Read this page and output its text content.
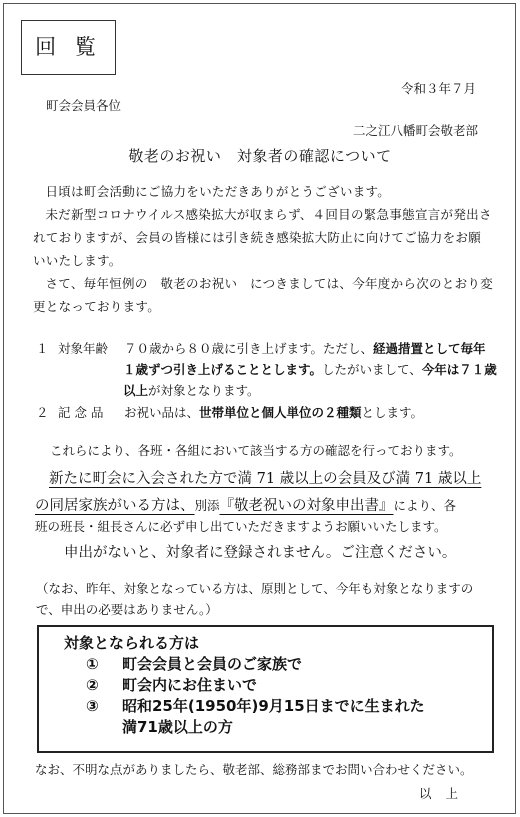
回 覧
令和３年７月
町会会員各位
二之江八幡町会敬老部
敬老のお祝い　対象者の確認について
日頃は町会活動にご協力をいただきありがとうございます。
未だ新型コロナウイルス感染拡大が収まらず、４回目の緊急事態宣言が発出されておりますが、会員の皆様には引き続き感染拡大防止に向けてご協力をお願いいたします。
さて、毎年恒例の　敬老のお祝い　につきましては、今年度から次のとおり変更となっております。
１ 対象年齢 ７０歳から８０歳に引き上げます。ただし、経過措置として毎年
１歳ずつ引き上げることとします。したがいまして、今年は７１歳
以上が対象となります。
２ 記 念 品 お祝い品は、世帯単位と個人単位の２種類とします。
これらにより、各班・各組において該当する方の確認を行っております。
新たに町会に入会された方で満 71 歳以上の会員及び満 71 歳以上
の同居家族がいる方は、別添『敬老祝いの対象申出書』により、各
班の班長・組長さんに必ず申し出ていただきますようお願いいたします。
申出がないと、対象者に登録されません。ご注意ください。
（なお、昨年、対象となっている方は、原則として、今年も対象となりますので、申出の必要はありません。）
対象となられる方は
① 町会会員と会員のご家族で
② 町会内にお住まいで
③ 昭和25年(1950年)9月15日までに生まれた
満71歳以上の方
なお、不明な点がありましたら、敬老部、総務部までお問い合わせください。
以上
